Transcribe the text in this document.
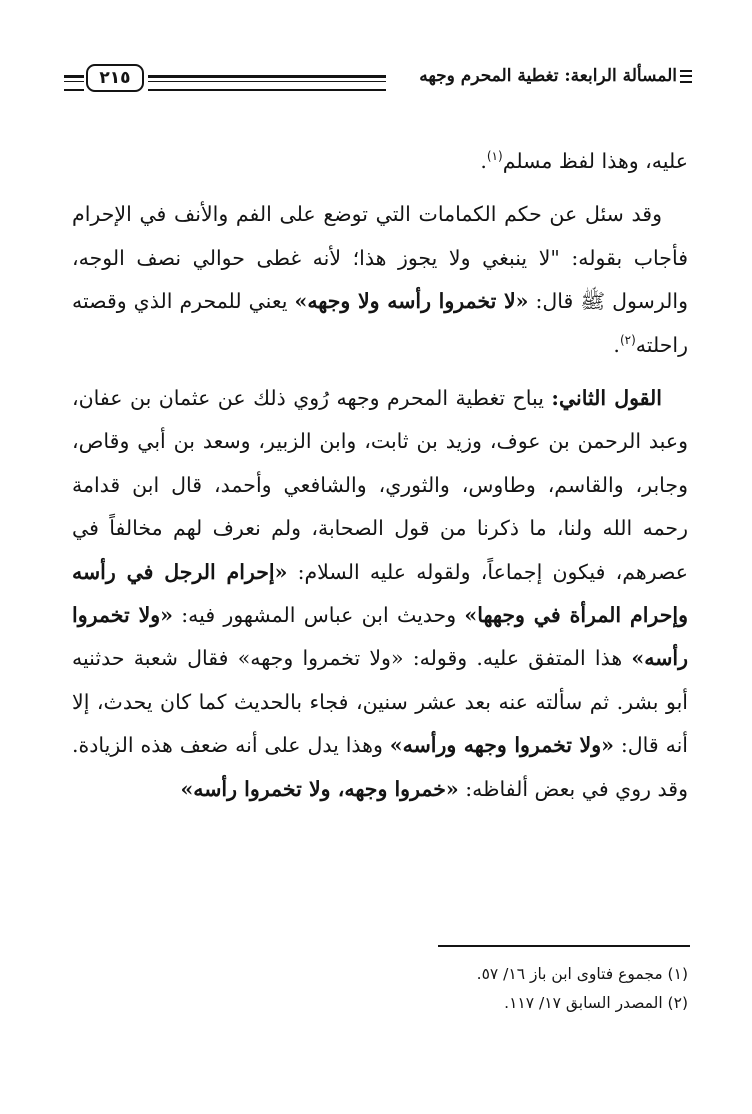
المسألة الرابعة: تغطية المحرم وجهه
٢١٥

عليه، وهذا لفظ مسلم$^{(١)}$.

وقد سئل عن حكم الكمامات التي توضع على الفم والأنف في الإحرام فأجاب بقوله: "لا ينبغي ولا يجوز هذا؛ لأنه غطى حوالي نصف الوجه، والرسول ﷺ قال: «لا تخمروا رأسه ولا وجهه» يعني للمحرم الذي وقصته راحلته$^{(٢)}$.

القول الثاني: يباح تغطية المحرم وجهه رُوي ذلك عن عثمان بن عفان، وعبد الرحمن بن عوف، وزيد بن ثابت، وابن الزبير، وسعد بن أبي وقاص، وجابر، والقاسم، وطاوس، والثوري، والشافعي وأحمد، قال ابن قدامة رحمه الله ولنا، ما ذكرنا من قول الصحابة، ولم نعرف لهم مخالفاً في عصرهم، فيكون إجماعاً، ولقوله عليه السلام: «إحرام الرجل في رأسه وإحرام المرأة في وجهها» وحديث ابن عباس المشهور فيه: «ولا تخمروا رأسه» هذا المتفق عليه. وقوله: «ولا تخمروا وجهه» فقال شعبة حدثنيه أبو بشر. ثم سألته عنه بعد عشر سنين، فجاء بالحديث كما كان يحدث، إلا أنه قال: «ولا تخمروا وجهه ورأسه» وهذا يدل على أنه ضعف هذه الزيادة. وقد روي في بعض ألفاظه: «خمروا وجهه، ولا تخمروا رأسه»

(١) مجموع فتاوى ابن باز ١٦/ ٥٧.

(٢) المصدر السابق ١٧/ ١١٧.
